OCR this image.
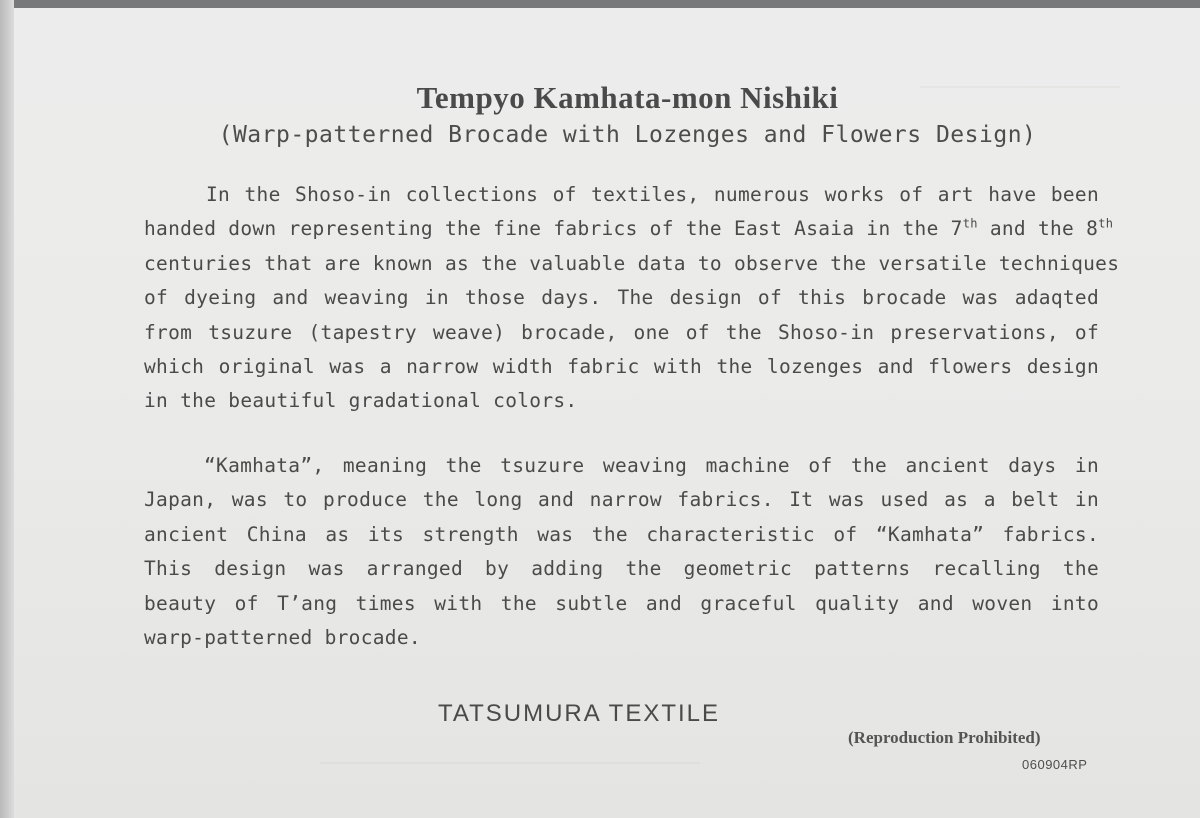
Tempyo Kamhata-mon Nishiki
(Warp-patterned Brocade with Lozenges and Flowers Design)
In the Shoso-in collections of textiles, numerous works of art have been
handed down representing the fine fabrics of the East Asaia in the 7th and the 8th
centuries that are known as the valuable data to observe the versatile techniques
of dyeing and weaving in those days. The design of this brocade was adaqted
from tsuzure (tapestry weave) brocade, one of the Shoso-in preservations, of
which original was a narrow width fabric with the lozenges and flowers design
in the beautiful gradational colors.
“Kamhata”, meaning the tsuzure weaving machine of the ancient days in
Japan, was to produce the long and narrow fabrics. It was used as a belt in
ancient China as its strength was the characteristic of “Kamhata” fabrics.
This design was arranged by adding the geometric patterns recalling the
beauty of T’ang times with the subtle and graceful quality and woven into
warp-patterned brocade.
TATSUMURA TEXTILE
(Reproduction Prohibited)
060904RP
